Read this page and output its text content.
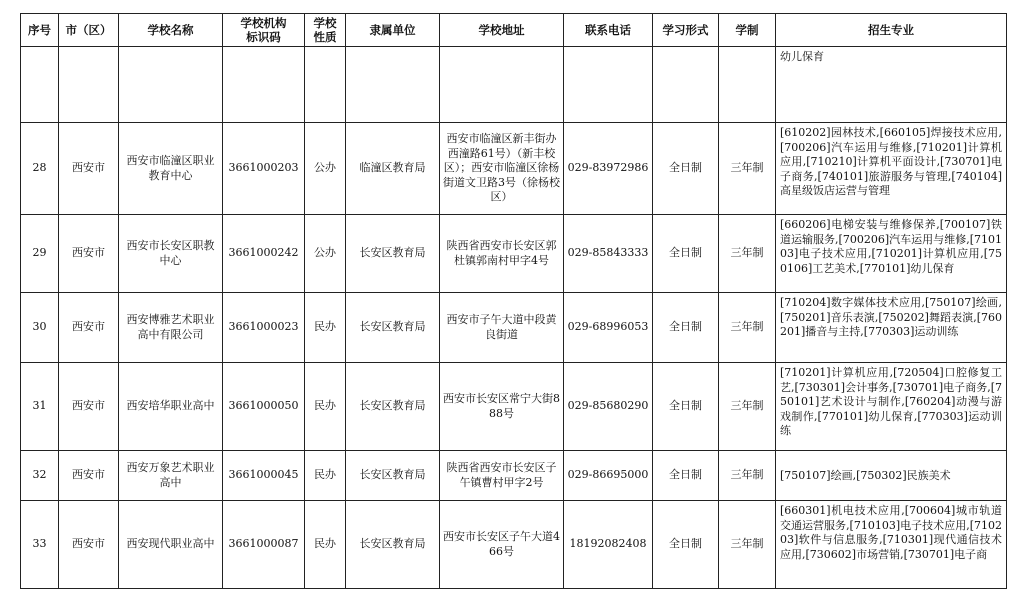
序号	市（区）	学校名称	学校机构标识码	学校性质	隶属单位	学校地址	联系电话	学习形式	学制	招生专业
										幼儿保育
28	西安市	西安市临潼区职业教育中心	3661000203	公办	临潼区教育局	西安市临潼区新丰街办西潼路61号）（新丰校区）；西安市临潼区徐杨街道文卫路3号（徐杨校区）	029-83972986	全日制	三年制	[610202]园林技术,[660105]焊接技术应用,[700206]汽车运用与维修,[710201]计算机应用,[710210]计算机平面设计,[730701]电子商务,[740101]旅游服务与管理,[740104]高星级饭店运营与管理
29	西安市	西安市长安区职教中心	3661000242	公办	长安区教育局	陕西省西安市长安区郭杜镇郭南村甲字4号	029-85843333	全日制	三年制	[660206]电梯安装与维修保养,[700107]铁道运输服务,[700206]汽车运用与维修,[710103]电子技术应用,[710201]计算机应用,[750106]工艺美术,[770101]幼儿保育
30	西安市	西安博雅艺术职业高中有限公司	3661000023	民办	长安区教育局	西安市子午大道中段黄良街道	029-68996053	全日制	三年制	[710204]数字媒体技术应用,[750107]绘画,[750201]音乐表演,[750202]舞蹈表演,[760201]播音与主持,[770303]运动训练
31	西安市	西安培华职业高中	3661000050	民办	长安区教育局	西安市长安区常宁大街888号	029-85680290	全日制	三年制	[710201]计算机应用,[720504]口腔修复工艺,[730301]会计事务,[730701]电子商务,[750101]艺术设计与制作,[760204]动漫与游戏制作,[770101]幼儿保育,[770303]运动训练
32	西安市	西安万象艺术职业高中	3661000045	民办	长安区教育局	陕西省西安市长安区子午镇曹村甲字2号	029-86695000	全日制	三年制	[750107]绘画,[750302]民族美术
33	西安市	西安现代职业高中	3661000087	民办	长安区教育局	西安市长安区子午大道466号	18192082408	全日制	三年制	[660301]机电技术应用,[700604]城市轨道交通运营服务,[710103]电子技术应用,[710203]软件与信息服务,[710301]现代通信技术应用,[730602]市场营销,[730701]电子商
